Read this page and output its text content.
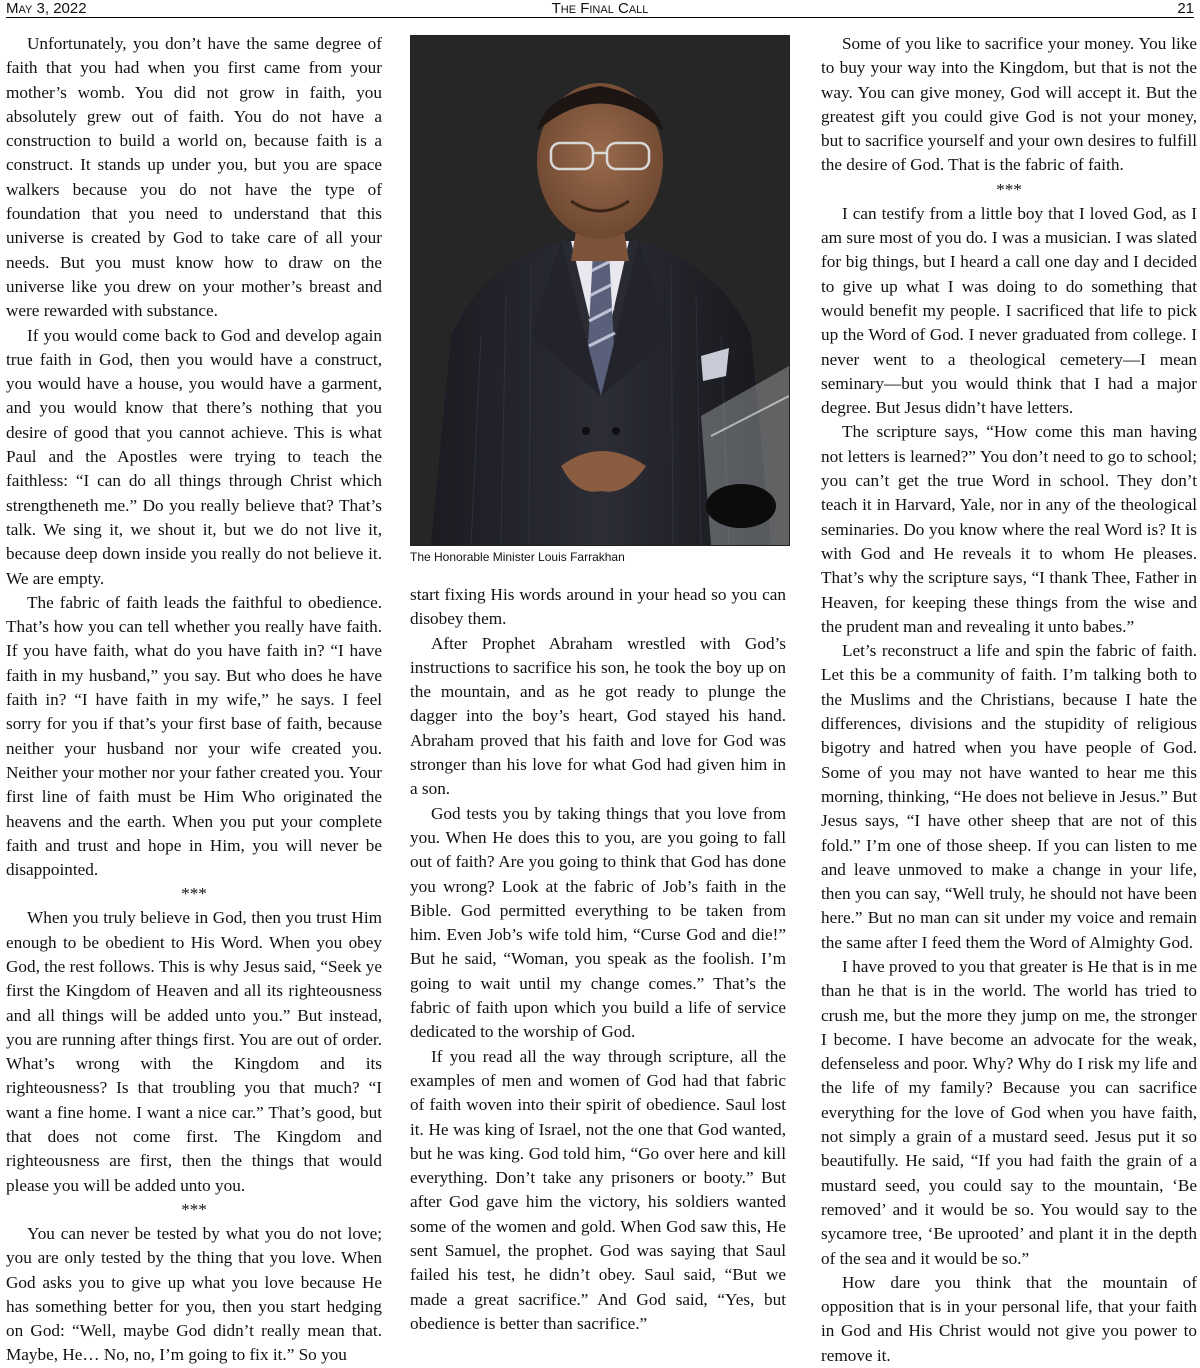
May 3, 2022	The Final Call	21

Unfortunately, you don’t have the same degree of faith that you had when you first came from your mother’s womb. You did not grow in faith, you absolutely grew out of faith. You do not have a construction to build a world on, because faith is a construct. It stands up under you, but you are space walkers because you do not have the type of foundation that you need to understand that this universe is created by God to take care of all your needs. But you must know how to draw on the universe like you drew on your mother’s breast and were rewarded with substance.

If you would come back to God and develop again true faith in God, then you would have a construct, you would have a house, you would have a garment, and you would know that there’s nothing that you desire of good that you cannot achieve. This is what Paul and the Apostles were trying to teach the faithless: “I can do all things through Christ which strengtheneth me.” Do you really believe that? That’s talk. We sing it, we shout it, but we do not live it, because deep down inside you really do not believe it. We are empty.

The fabric of faith leads the faithful to obedience. That’s how you can tell whether you really have faith. If you have faith, what do you have faith in? “I have faith in my husband,” you say. But who does he have faith in? “I have faith in my wife,” he says. I feel sorry for you if that’s your first base of faith, because neither your husband nor your wife created you. Neither your mother nor your father created you. Your first line of faith must be Him Who originated the heavens and the earth. When you put your complete faith and trust and hope in Him, you will never be disappointed.

***

When you truly believe in God, then you trust Him enough to be obedient to His Word. When you obey God, the rest follows. This is why Jesus said, “Seek ye first the Kingdom of Heaven and all its righteousness and all things will be added unto you.” But instead, you are running after things first. You are out of order. What’s wrong with the Kingdom and its righteousness? Is that troubling you that much? “I want a fine home. I want a nice car.” That’s good, but that does not come first. The Kingdom and righteousness are first, then the things that would please you will be added unto you.

***

You can never be tested by what you do not love; you are only tested by the thing that you love. When God asks you to give up what you love because He has something better for you, then you start hedging on God: “Well, maybe God didn’t really mean that. Maybe, He… No, no, I’m going to fix it.” So you

The Honorable Minister Louis Farrakhan

start fixing His words around in your head so you can disobey them.

After Prophet Abraham wrestled with God’s instructions to sacrifice his son, he took the boy up on the mountain, and as he got ready to plunge the dagger into the boy’s heart, God stayed his hand. Abraham proved that his faith and love for God was stronger than his love for what God had given him in a son.

God tests you by taking things that you love from you. When He does this to you, are you going to fall out of faith? Are you going to think that God has done you wrong? Look at the fabric of Job’s faith in the Bible. God permitted everything to be taken from him. Even Job’s wife told him, “Curse God and die!” But he said, “Woman, you speak as the foolish. I’m going to wait until my change comes.” That’s the fabric of faith upon which you build a life of service dedicated to the worship of God.

If you read all the way through scripture, all the examples of men and women of God had that fabric of faith woven into their spirit of obedience. Saul lost it. He was king of Israel, not the one that God wanted, but he was king. God told him, “Go over here and kill everything. Don’t take any prisoners or booty.” But after God gave him the victory, his soldiers wanted some of the women and gold. When God saw this, He sent Samuel, the prophet. God was saying that Saul failed his test, he didn’t obey. Saul said, “But we made a great sacrifice.” And God said, “Yes, but obedience is better than sacrifice.”

Some of you like to sacrifice your money. You like to buy your way into the Kingdom, but that is not the way. You can give money, God will accept it. But the greatest gift you could give God is not your money, but to sacrifice yourself and your own desires to fulfill the desire of God. That is the fabric of faith.

***

I can testify from a little boy that I loved God, as I am sure most of you do. I was a musician. I was slated for big things, but I heard a call one day and I decided to give up what I was doing to do something that would benefit my people. I sacrificed that life to pick up the Word of God. I never graduated from college. I never went to a theological cemetery—I mean seminary—but you would think that I had a major degree. But Jesus didn’t have letters.

The scripture says, “How come this man having not letters is learned?” You don’t need to go to school; you can’t get the true Word in school. They don’t teach it in Harvard, Yale, nor in any of the theological seminaries. Do you know where the real Word is? It is with God and He reveals it to whom He pleases. That’s why the scripture says, “I thank Thee, Father in Heaven, for keeping these things from the wise and the prudent man and revealing it unto babes.”

Let’s reconstruct a life and spin the fabric of faith. Let this be a community of faith. I’m talking both to the Muslims and the Christians, because I hate the differences, divisions and the stupidity of religious bigotry and hatred when you have people of God. Some of you may not have wanted to hear me this morning, thinking, “He does not believe in Jesus.” But Jesus says, “I have other sheep that are not of this fold.” I’m one of those sheep. If you can listen to me and leave unmoved to make a change in your life, then you can say, “Well truly, he should not have been here.” But no man can sit under my voice and remain the same after I feed them the Word of Almighty God.

I have proved to you that greater is He that is in me than he that is in the world. The world has tried to crush me, but the more they jump on me, the stronger I become. I have become an advocate for the weak, defenseless and poor. Why? Why do I risk my life and the life of my family? Because you can sacrifice everything for the love of God when you have faith, not simply a grain of a mustard seed. Jesus put it so beautifully. He said, “If you had faith the grain of a mustard seed, you could say to the mountain, ‘Be removed’ and it would be so. You would say to the sycamore tree, ‘Be uprooted’ and plant it in the depth of the sea and it would be so.”

How dare you think that the mountain of opposition that is in your personal life, that your faith in God and His Christ would not give you power to remove it.
